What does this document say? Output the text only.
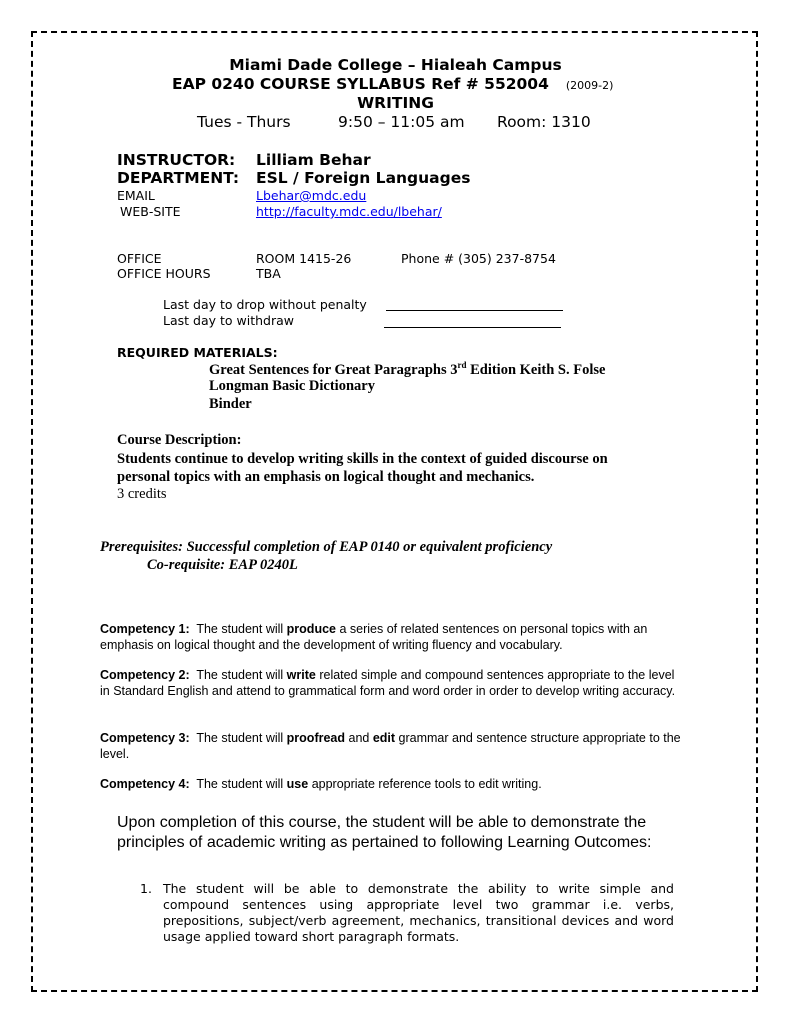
Miami Dade College – Hialeah Campus
EAP 0240 COURSE SYLLABUS Ref # 552004 (2009-2)
WRITING
Tues - Thurs	9:50 – 11:05 am Room: 1310
INSTRUCTOR: Lilliam Behar
DEPARTMENT: ESL / Foreign Languages
EMAIL	Lbehar@mdc.edu
WEB-SITE	http://faculty.mdc.edu/lbehar/
OFFICE	ROOM 1415-26	Phone # (305) 237-8754
OFFICE HOURS	TBA
Last day to drop without penalty
Last day to withdraw
REQUIRED MATERIALS:
Great Sentences for Great Paragraphs 3rd Edition Keith S. Folse
Longman Basic Dictionary
Binder
Course Description:
Students continue to develop writing skills in the context of guided discourse on personal topics with an emphasis on logical thought and mechanics.
3 credits
Prerequisites: Successful completion of EAP 0140 or equivalent proficiency
Co-requisite: EAP 0240L
Competency 1: The student will produce a series of related sentences on personal topics with an emphasis on logical thought and the development of writing fluency and vocabulary.
Competency 2: The student will write related simple and compound sentences appropriate to the level in Standard English and attend to grammatical form and word order in order to develop writing accuracy.
Competency 3: The student will proofread and edit grammar and sentence structure appropriate to the level.
Competency 4: The student will use appropriate reference tools to edit writing.
Upon completion of this course, the student will be able to demonstrate the principles of academic writing as pertained to following Learning Outcomes:
1. The student will be able to demonstrate the ability to write simple and compound sentences using appropriate level two grammar i.e. verbs, prepositions, subject/verb agreement, mechanics, transitional devices and word usage applied toward short paragraph formats.
